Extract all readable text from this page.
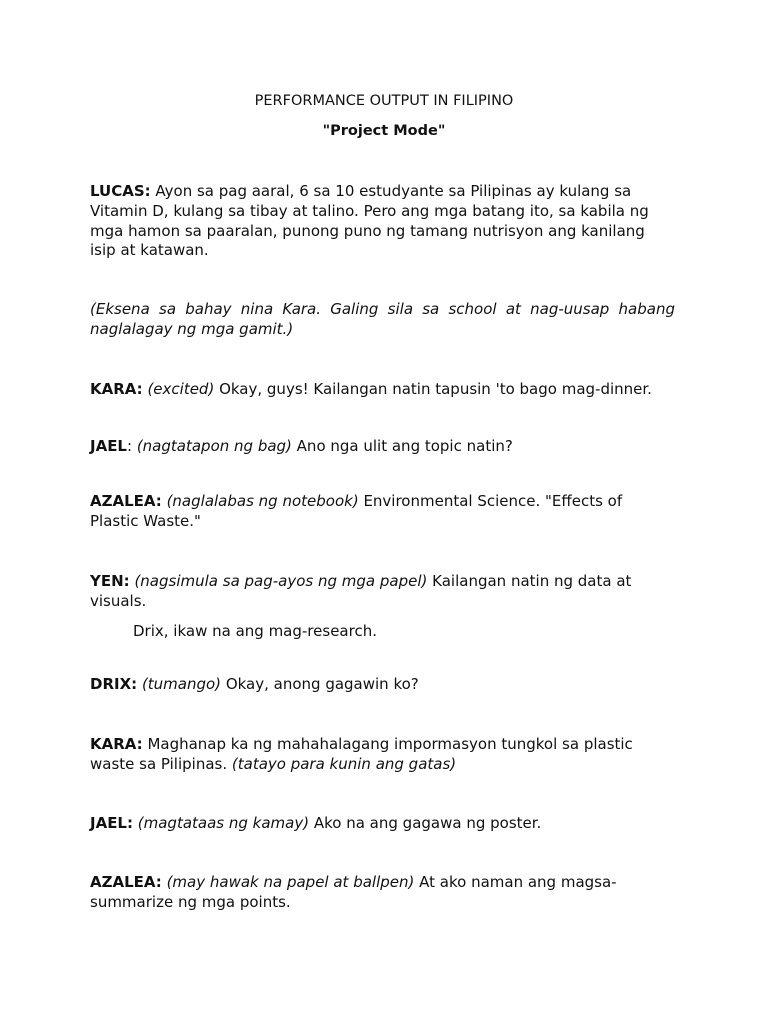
PERFORMANCE OUTPUT IN FILIPINO
"Project Mode"

LUCAS: Ayon sa pag aaral, 6 sa 10 estudyante sa Pilipinas ay kulang sa Vitamin D, kulang sa tibay at talino. Pero ang mga batang ito, sa kabila ng mga hamon sa paaralan, punong puno ng tamang nutrisyon ang kanilang isip at katawan.

(Eksena sa bahay nina Kara. Galing sila sa school at nag-uusap habang naglalagay ng mga gamit.)

KARA: (excited) Okay, guys! Kailangan natin tapusin 'to bago mag-dinner.

JAEL: (nagtatapon ng bag) Ano nga ulit ang topic natin?

AZALEA: (naglalabas ng notebook) Environmental Science. "Effects of Plastic Waste."

YEN: (nagsimula sa pag-ayos ng mga papel) Kailangan natin ng data at visuals.

Drix, ikaw na ang mag-research.

DRIX: (tumango) Okay, anong gagawin ko?

KARA: Maghanap ka ng mahahalagang impormasyon tungkol sa plastic waste sa Pilipinas. (tatayo para kunin ang gatas)

JAEL: (magtataas ng kamay) Ako na ang gagawa ng poster.

AZALEA: (may hawak na papel at ballpen) At ako naman ang magsa-summarize ng mga points.
